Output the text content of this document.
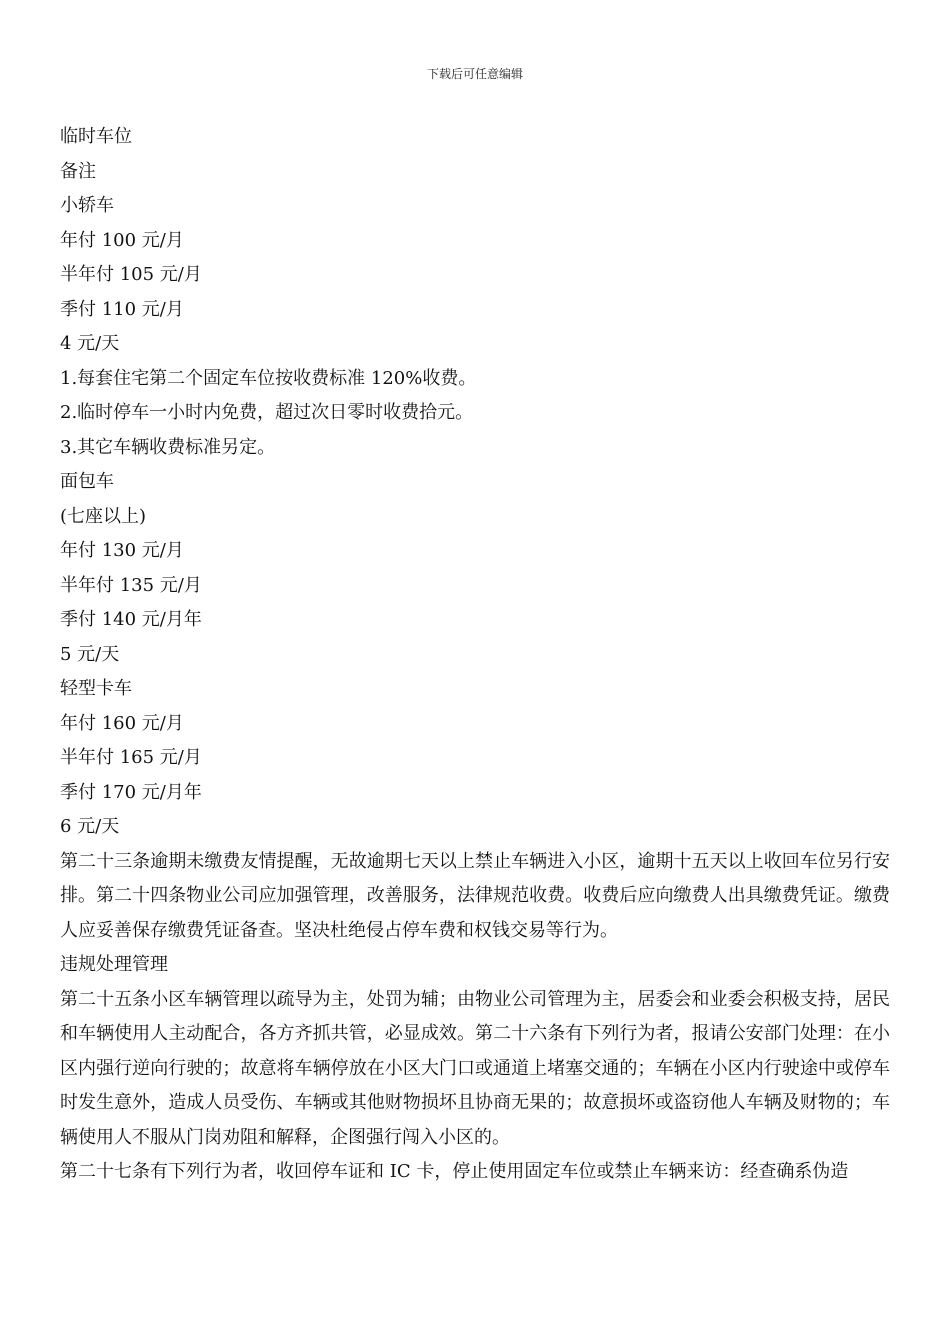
下载后可任意编辑
临时车位
备注
小轿车
年付 100 元/月
半年付 105 元/月
季付 110 元/月
4 元/天
1.每套住宅第二个固定车位按收费标准 120%收费。
2.临时停车一小时内免费，超过次日零时收费拾元。
3.其它车辆收费标准另定。
面包车
(七座以上)
年付 130 元/月
半年付 135 元/月
季付 140 元/月年
5 元/天
轻型卡车
年付 160 元/月
半年付 165 元/月
季付 170 元/月年
6 元/天
第二十三条逾期未缴费友情提醒，无故逾期七天以上禁止车辆进入小区，逾期十五天以上收回车位另行安排。第二十四条物业公司应加强管理，改善服务，法律规范收费。收费后应向缴费人出具缴费凭证。缴费人应妥善保存缴费凭证备查。坚决杜绝侵占停车费和权钱交易等行为。
违规处理管理
第二十五条小区车辆管理以疏导为主，处罚为辅；由物业公司管理为主，居委会和业委会积极支持，居民和车辆使用人主动配合，各方齐抓共管，必显成效。第二十六条有下列行为者，报请公安部门处理：在小区内强行逆向行驶的；故意将车辆停放在小区大门口或通道上堵塞交通的；车辆在小区内行驶途中或停车时发生意外，造成人员受伤、车辆或其他财物损坏且协商无果的；故意损坏或盗窃他人车辆及财物的；车辆使用人不服从门岗劝阻和解释，企图强行闯入小区的。
第二十七条有下列行为者，收回停车证和 IC 卡，停止使用固定车位或禁止车辆来访：经查确系伪造
